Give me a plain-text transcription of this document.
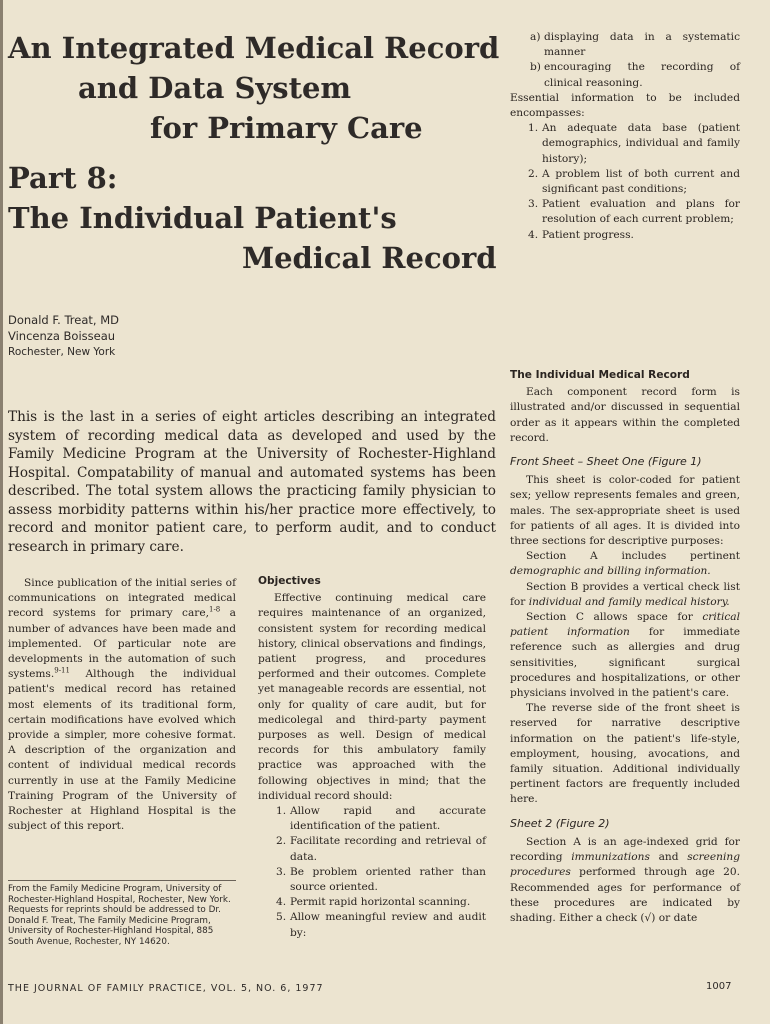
An Integrated Medical Record
and Data System
for Primary Care
Part 8:
The Individual Patient's
Medical Record
Donald F. Treat, MD
Vincenza Boisseau
Rochester, New York
This is the last in a series of eight articles describing an integrated system of recording medical data as developed and used by the Family Medicine Program at the University of Rochester-Highland Hospital. Compatability of manual and automated systems has been described. The total system allows the practicing family physician to assess morbidity patterns within his/her practice more effectively, to record and monitor patient care, to perform audit, and to conduct research in primary care.

Since publication of the initial series of communications on integrated medical record systems for primary care,$^{1-8}$ a number of advances have been made and implemented. Of particular note are developments in the automation of such systems.$^{9-11}$ Although the individual patient's medical record has retained most elements of its traditional form, certain modifications have evolved which provide a simpler, more cohesive format. A description of the organization and content of individual medical records currently in use at the Family Medicine Training Program of the University of Rochester at Highland Hospital is the subject of this report.

From the Family Medicine Program, University of Rochester-Highland Hospital, Rochester, New York. Requests for reprints should be addressed to Dr. Donald F. Treat, The Family Medicine Program, University of Rochester-Highland Hospital, 885 South Avenue, Rochester, NY 14620.
Objectives

Effective continuing medical care requires maintenance of an organized, consistent system for recording medical history, clinical observations and findings, patient progress, and procedures performed and their outcomes. Complete yet manageable records are essential, not only for quality of care audit, but for medicolegal and third-party payment purposes as well. Design of medical records for this ambulatory family practice was approached with the following objectives in mind; that the individual record should:

1. Allow rapid and accurate identification of the patient.
2. Facilitate recording and retrieval of data.
3. Be problem oriented rather than source oriented.
4. Permit rapid horizontal scanning.
5. Allow meaningful review and audit by:
a) displaying data in a systematic manner
b) encouraging the recording of clinical reasoning.

Essential information to be included encompasses:

1. An adequate data base (patient demographics, individual and family history);
2. A problem list of both current and significant past conditions;
3. Patient evaluation and plans for resolution of each current problem;
4. Patient progress.
The Individual Medical Record

Each component record form is illustrated and/or discussed in sequential order as it appears within the completed record.

Front Sheet – Sheet One (Figure 1)

This sheet is color-coded for patient sex; yellow represents females and green, males. The sex-appropriate sheet is used for patients of all ages. It is divided into three sections for descriptive purposes:

Section A includes pertinent demographic and billing information.

Section B provides a vertical check list for individual and family medical history.

Section C allows space for critical patient information for immediate reference such as allergies and drug sensitivities, significant surgical procedures and hospitalizations, or other physicians involved in the patient's care.

The reverse side of the front sheet is reserved for narrative descriptive information on the patient's life-style, employment, housing, avocations, and family situation. Additional individually pertinent factors are frequently included here.

Sheet 2 (Figure 2)

Section A is an age-indexed grid for recording immunizations and screening procedures performed through age 20. Recommended ages for performance of these procedures are indicated by shading. Either a check (√) or date

THE JOURNAL OF FAMILY PRACTICE, VOL. 5, NO. 6, 1977	1007
